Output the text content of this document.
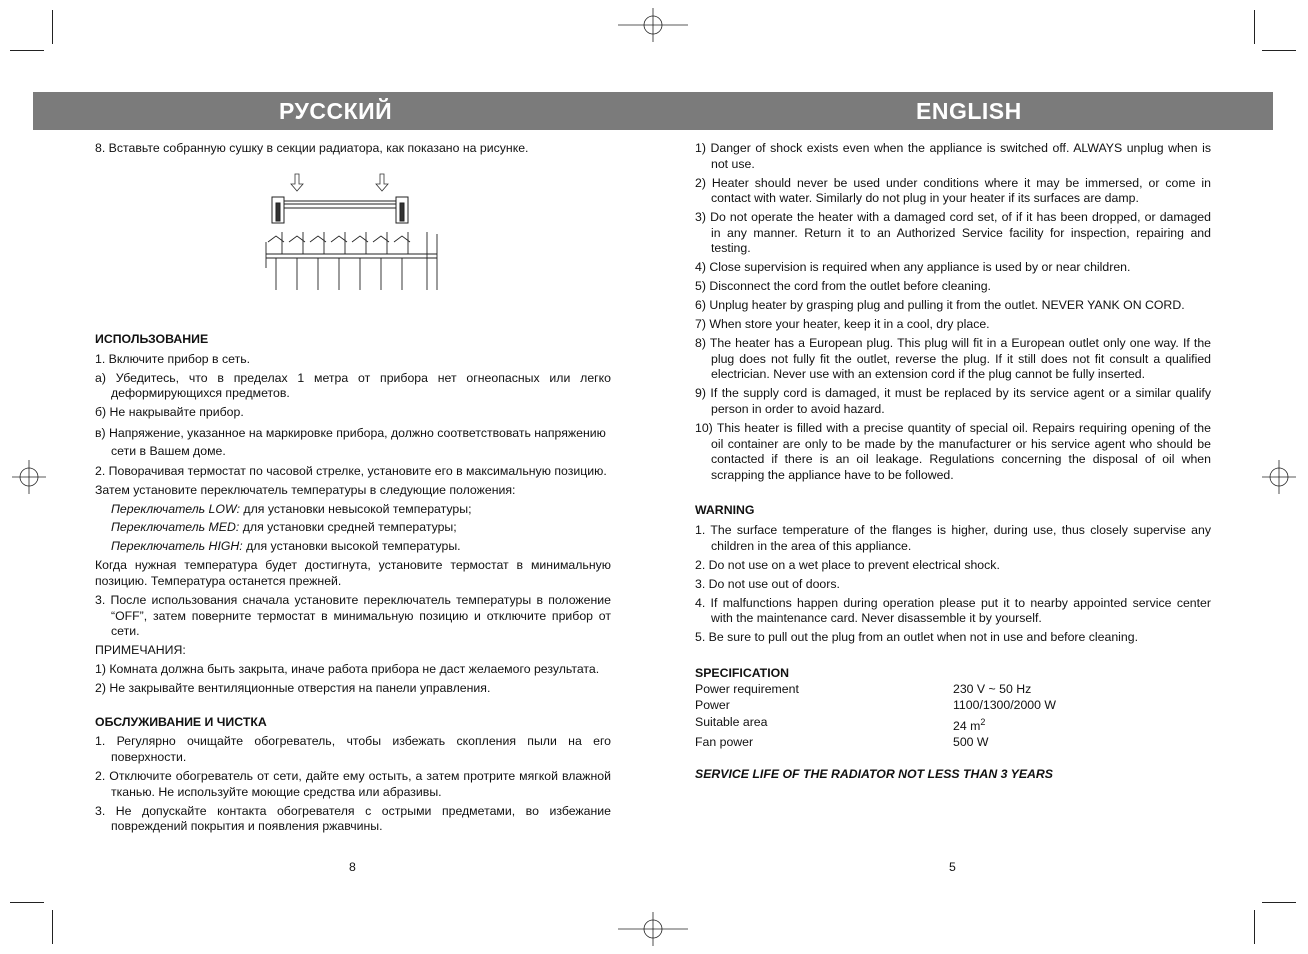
РУССКИЙ	ENGLISH

8. Вставьте собранную сушку в секции радиатора, как показано на рисунке.

ИСПОЛЬЗОВАНИЕ

1. Включите прибор в сеть.

а) Убедитесь, что в пределах 1 метра от прибора нет огнеопасных или легко деформирующихся предметов.

б) Не накрывайте прибор.

в) Напряжение, указанное на маркировке прибора, должно соответствовать напряжению сети в Вашем доме.

2. Поворачивая термостат по часовой стрелке, установите его в максимальную позицию.

Затем установите переключатель температуры в следующие положения:

Переключатель LOW: для установки невысокой температуры;

Переключатель MED: для установки средней температуры;

Переключатель HIGH: для установки высокой температуры.

Когда нужная температура будет достигнута, установите термостат в минимальную позицию. Температура останется прежней.

3. После использования сначала установите переключатель температуры в положение “OFF”, затем поверните термостат в минимальную позицию и отключите прибор от сети.

ПРИМЕЧАНИЯ:

1) Комната должна быть закрыта, иначе работа прибора не даст желаемого результата.

2) Не закрывайте вентиляционные отверстия на панели управления.

ОБСЛУЖИВАНИЕ И ЧИСТКА

1. Регулярно очищайте обогреватель, чтобы избежать скопления пыли на его поверхности.

2. Отключите обогреватель от сети, дайте ему остыть, а затем протрите мягкой влажной тканью. Не используйте моющие средства или абразивы.

3. Не допускайте контакта обогревателя с острыми предметами, во избежание повреждений покрытия и появления ржавчины.

8

1) Danger of shock exists even when the appliance is switched off. ALWAYS unplug when is not use.

2) Heater should never be used under conditions where it may be immersed, or come in contact with water. Similarly do not plug in your heater if its surfaces are damp.

3) Do not operate the heater with a damaged cord set, of if it has been dropped, or damaged in any manner. Return it to an Authorized Service facility for inspection, repairing and testing.

4) Close supervision is required when any appliance is used by or near children.

5) Disconnect the cord from the outlet before cleaning.

6) Unplug heater by grasping plug and pulling it from the outlet. NEVER YANK ON CORD.

7) When store your heater, keep it in a cool, dry place.

8) The heater has a European plug. This plug will fit in a European outlet only one way. If the plug does not fully fit the outlet, reverse the plug. If it still does not fit consult a qualified electrician. Never use with an extension cord if the plug cannot be fully inserted.

9) If the supply cord is damaged, it must be replaced by its service agent or a similar qualify person in order to avoid hazard.

10) This heater is filled with a precise quantity of special oil. Repairs requiring opening of the oil container are only to be made by the manufacturer or his service agent who should be contacted if there is an oil leakage. Regulations concerning the disposal of oil when scrapping the appliance have to be followed.

WARNING

1. The surface temperature of the flanges is higher, during use, thus closely supervise any children in the area of this appliance.

2. Do not use on a wet place to prevent electrical shock.

3. Do not use out of doors.

4. If malfunctions happen during operation please put it to nearby appointed service center with the maintenance card. Never disassemble it by yourself.

5. Be sure to pull out the plug from an outlet when not in use and before cleaning.

SPECIFICATION

Power requirement	230 V ~ 50 Hz
Power	1100/1300/2000 W
Suitable area	24 $m^2$
Fan power	500 W

SERVICE LIFE OF THE RADIATOR NOT LESS THAN 3 YEARS

5
